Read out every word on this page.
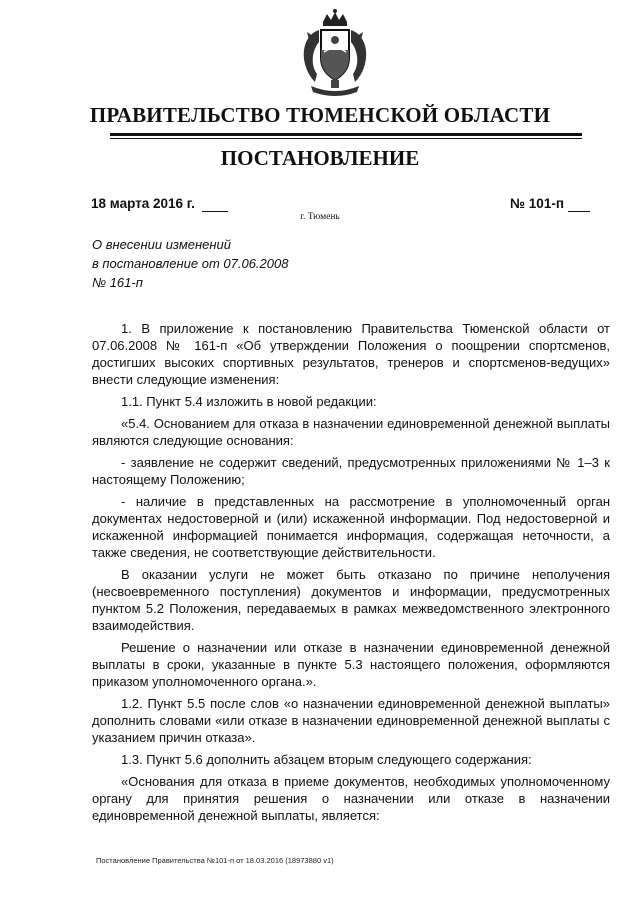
ПРАВИТЕЛЬСТВО ТЮМЕНСКОЙ ОБЛАСТИ
ПОСТАНОВЛЕНИЕ
18 марта 2016 г.	№ 101-п
г. Тюмень
О внесении изменений
в постановление от 07.06.2008
№ 161-п

1. В приложение к постановлению Правительства Тюменской области от 07.06.2008 № 161-п «Об утверждении Положения о поощрении спортсменов, достигших высоких спортивных результатов, тренеров и спортсменов-ведущих» внести следующие изменения:

1.1. Пункт 5.4 изложить в новой редакции:

«5.4. Основанием для отказа в назначении единовременной денежной выплаты являются следующие основания:

- заявление не содержит сведений, предусмотренных приложениями № 1–3 к настоящему Положению;

- наличие в представленных на рассмотрение в уполномоченный орган документах недостоверной и (или) искаженной информации. Под недостоверной и искаженной информацией понимается информация, содержащая неточности, а также сведения, не соответствующие действительности.

В оказании услуги не может быть отказано по причине неполучения (несвоевременного поступления) документов и информации, предусмотренных пунктом 5.2 Положения, передаваемых в рамках межведомственного электронного взаимодействия.

Решение о назначении или отказе в назначении единовременной денежной выплаты в сроки, указанные в пункте 5.3 настоящего положения, оформляются приказом уполномоченного органа.».

1.2. Пункт 5.5 после слов «о назначении единовременной денежной выплаты» дополнить словами «или отказе в назначении единовременной денежной выплаты с указанием причин отказа».

1.3. Пункт 5.6 дополнить абзацем вторым следующего содержания:

«Основания для отказа в приеме документов, необходимых уполномоченному органу для принятия решения о назначении или отказе в назначении единовременной денежной выплаты, является:

Постановление Правительства №101-п от 18.03.2016 (18973880 v1)
